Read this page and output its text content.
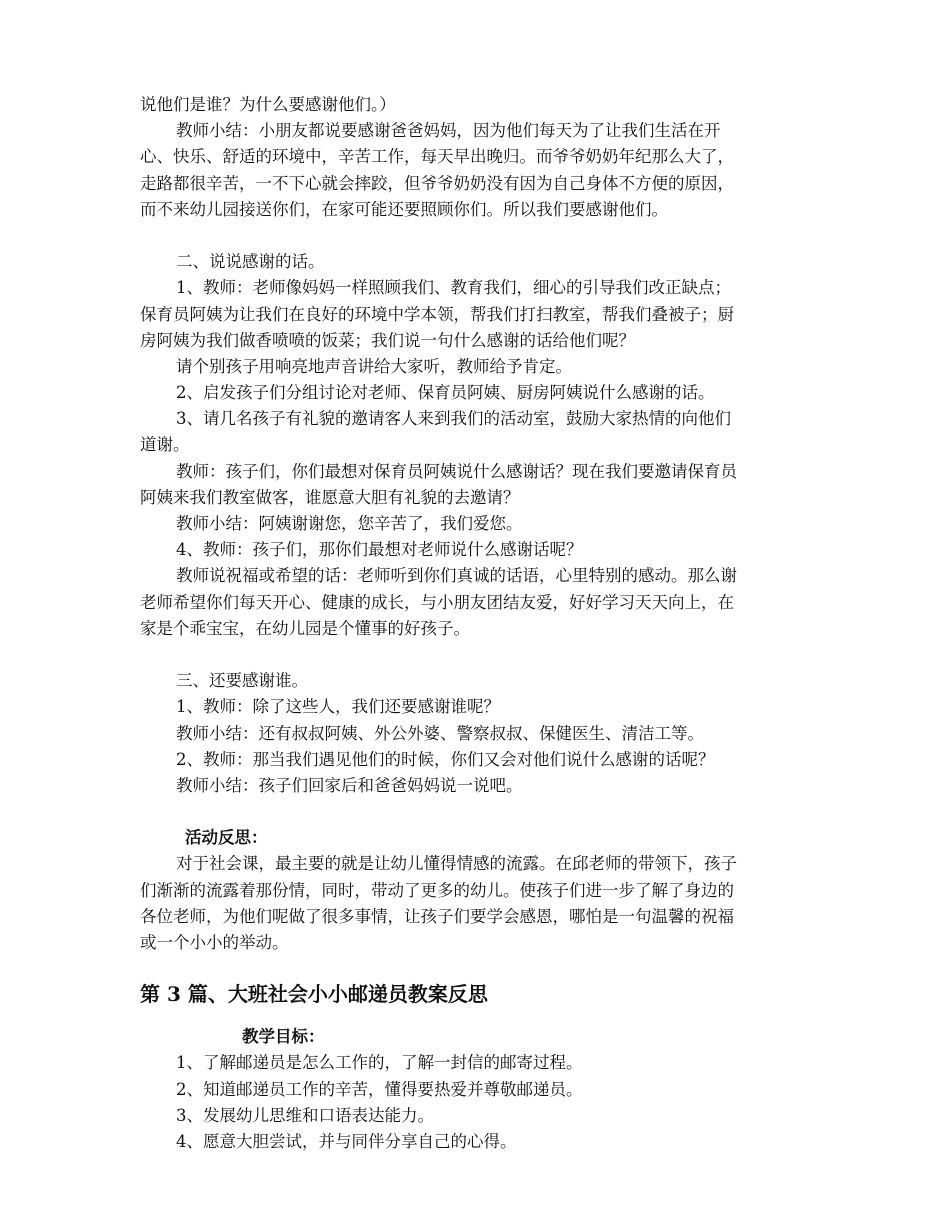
说他们是谁？为什么要感谢他们。）
教师小结：小朋友都说要感谢爸爸妈妈，因为他们每天为了让我们生活在开
心、快乐、舒适的环境中，辛苦工作，每天早出晚归。而爷爷奶奶年纪那么大了，
走路都很辛苦，一不下心就会摔跤，但爷爷奶奶没有因为自己身体不方便的原因，
而不来幼儿园接送你们，在家可能还要照顾你们。所以我们要感谢他们。
二、说说感谢的话。
1、教师：老师像妈妈一样照顾我们、教育我们，细心的引导我们改正缺点；
保育员阿姨为让我们在良好的环境中学本领，帮我们打扫教室，帮我们叠被子；厨
房阿姨为我们做香喷喷的饭菜；我们说一句什么感谢的话给他们呢？
请个别孩子用响亮地声音讲给大家听，教师给予肯定。
2、启发孩子们分组讨论对老师、保育员阿姨、厨房阿姨说什么感谢的话。
3、请几名孩子有礼貌的邀请客人来到我们的活动室，鼓励大家热情的向他们
道谢。
教师：孩子们，你们最想对保育员阿姨说什么感谢话？现在我们要邀请保育员
阿姨来我们教室做客，谁愿意大胆有礼貌的去邀请？
教师小结：阿姨谢谢您，您辛苦了，我们爱您。
4、教师：孩子们，那你们最想对老师说什么感谢话呢？
教师说祝福或希望的话：老师听到你们真诚的话语，心里特别的感动。那么谢
老师希望你们每天开心、健康的成长，与小朋友团结友爱，好好学习天天向上，在
家是个乖宝宝，在幼儿园是个懂事的好孩子。
三、还要感谢谁。
1、教师：除了这些人，我们还要感谢谁呢？
教师小结：还有叔叔阿姨、外公外婆、警察叔叔、保健医生、清洁工等。
2、教师：那当我们遇见他们的时候，你们又会对他们说什么感谢的话呢？
教师小结：孩子们回家后和爸爸妈妈说一说吧。
活动反思：
对于社会课，最主要的就是让幼儿懂得情感的流露。在邱老师的带领下，孩子
们渐渐的流露着那份情，同时，带动了更多的幼儿。使孩子们进一步了解了身边的
各位老师，为他们呢做了很多事情，让孩子们要学会感恩，哪怕是一句温馨的祝福
或一个小小的举动。
第 3 篇、大班社会小小邮递员教案反思
教学目标：
1、了解邮递员是怎么工作的，了解一封信的邮寄过程。
2、知道邮递员工作的辛苦，懂得要热爱并尊敬邮递员。
3、发展幼儿思维和口语表达能力。
4、愿意大胆尝试，并与同伴分享自己的心得。
